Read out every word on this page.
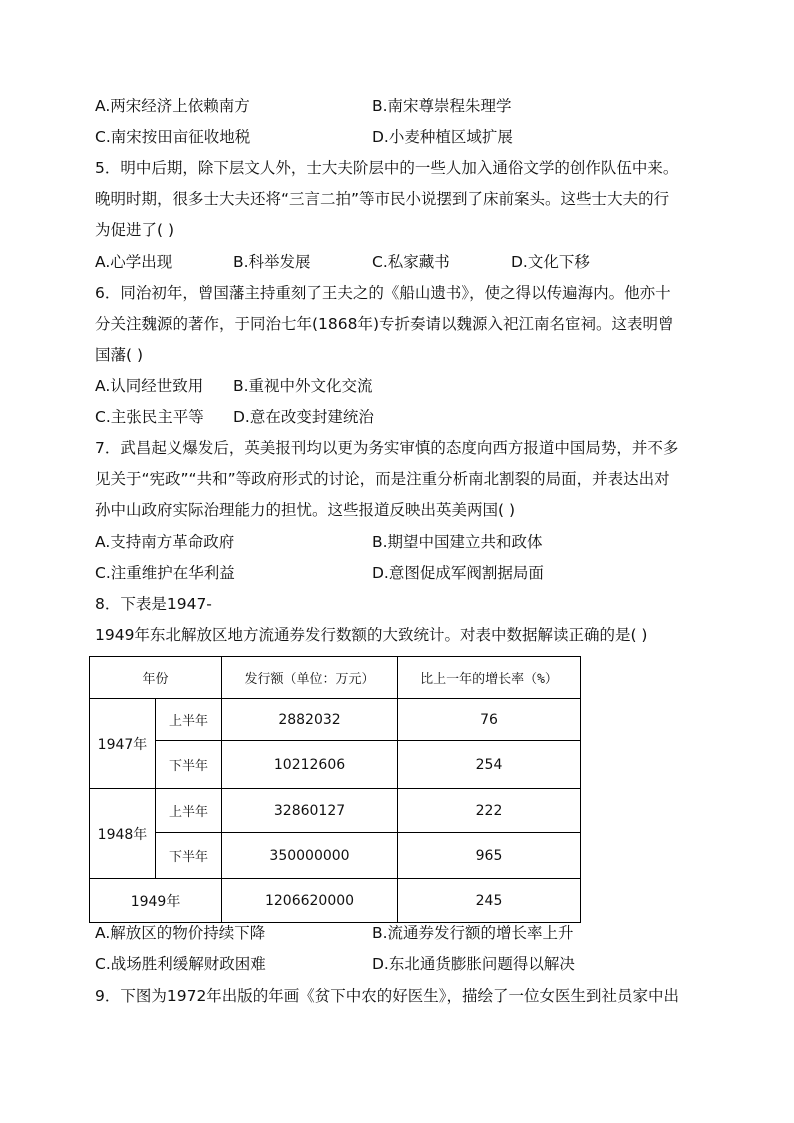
A.两宋经济上依赖南方	B.南宋尊崇程朱理学
C.南宋按田亩征收地税	D.小麦种植区域扩展
5．明中后期，除下层文人外，士大夫阶层中的一些人加入通俗文学的创作队伍中来。
晚明时期，很多士大夫还将“三言二拍”等市民小说摆到了床前案头。这些士大夫的行
为促进了( )
A.心学出现	B.科举发展	C.私家藏书	D.文化下移
6．同治初年，曾国藩主持重刻了王夫之的《船山遗书》，使之得以传遍海内。他亦十
分关注魏源的著作，于同治七年(1868年)专折奏请以魏源入祀江南名宦祠。这表明曾
国藩( )
A.认同经世致用 B.重视中外文化交流
C.主张民主平等 D.意在改变封建统治
7．武昌起义爆发后，英美报刊均以更为务实审慎的态度向西方报道中国局势，并不多
见关于“宪政”“共和”等政府形式的讨论，而是注重分析南北割裂的局面，并表达出对
孙中山政府实际治理能力的担忧。这些报道反映出英美两国( )
A.支持南方革命政府	B.期望中国建立共和政体
C.注重维护在华利益	D.意图促成军阀割据局面
8．下表是1947-
1949年东北解放区地方流通券发行数额的大致统计。对表中数据解读正确的是( )
年份		发行额（单位：万元）	比上一年的增长率（%）
1947年	上半年	2882032	76
	下半年	10212606	254
1948年	上半年	32860127	222
	下半年	350000000	965
1949年		1206620000	245
A.解放区的物价持续下降	B.流通券发行额的增长率上升
C.战场胜利缓解财政困难	D.东北通货膨胀问题得以解决
9．下图为1972年出版的年画《贫下中农的好医生》，描绘了一位女医生到社员家中出
